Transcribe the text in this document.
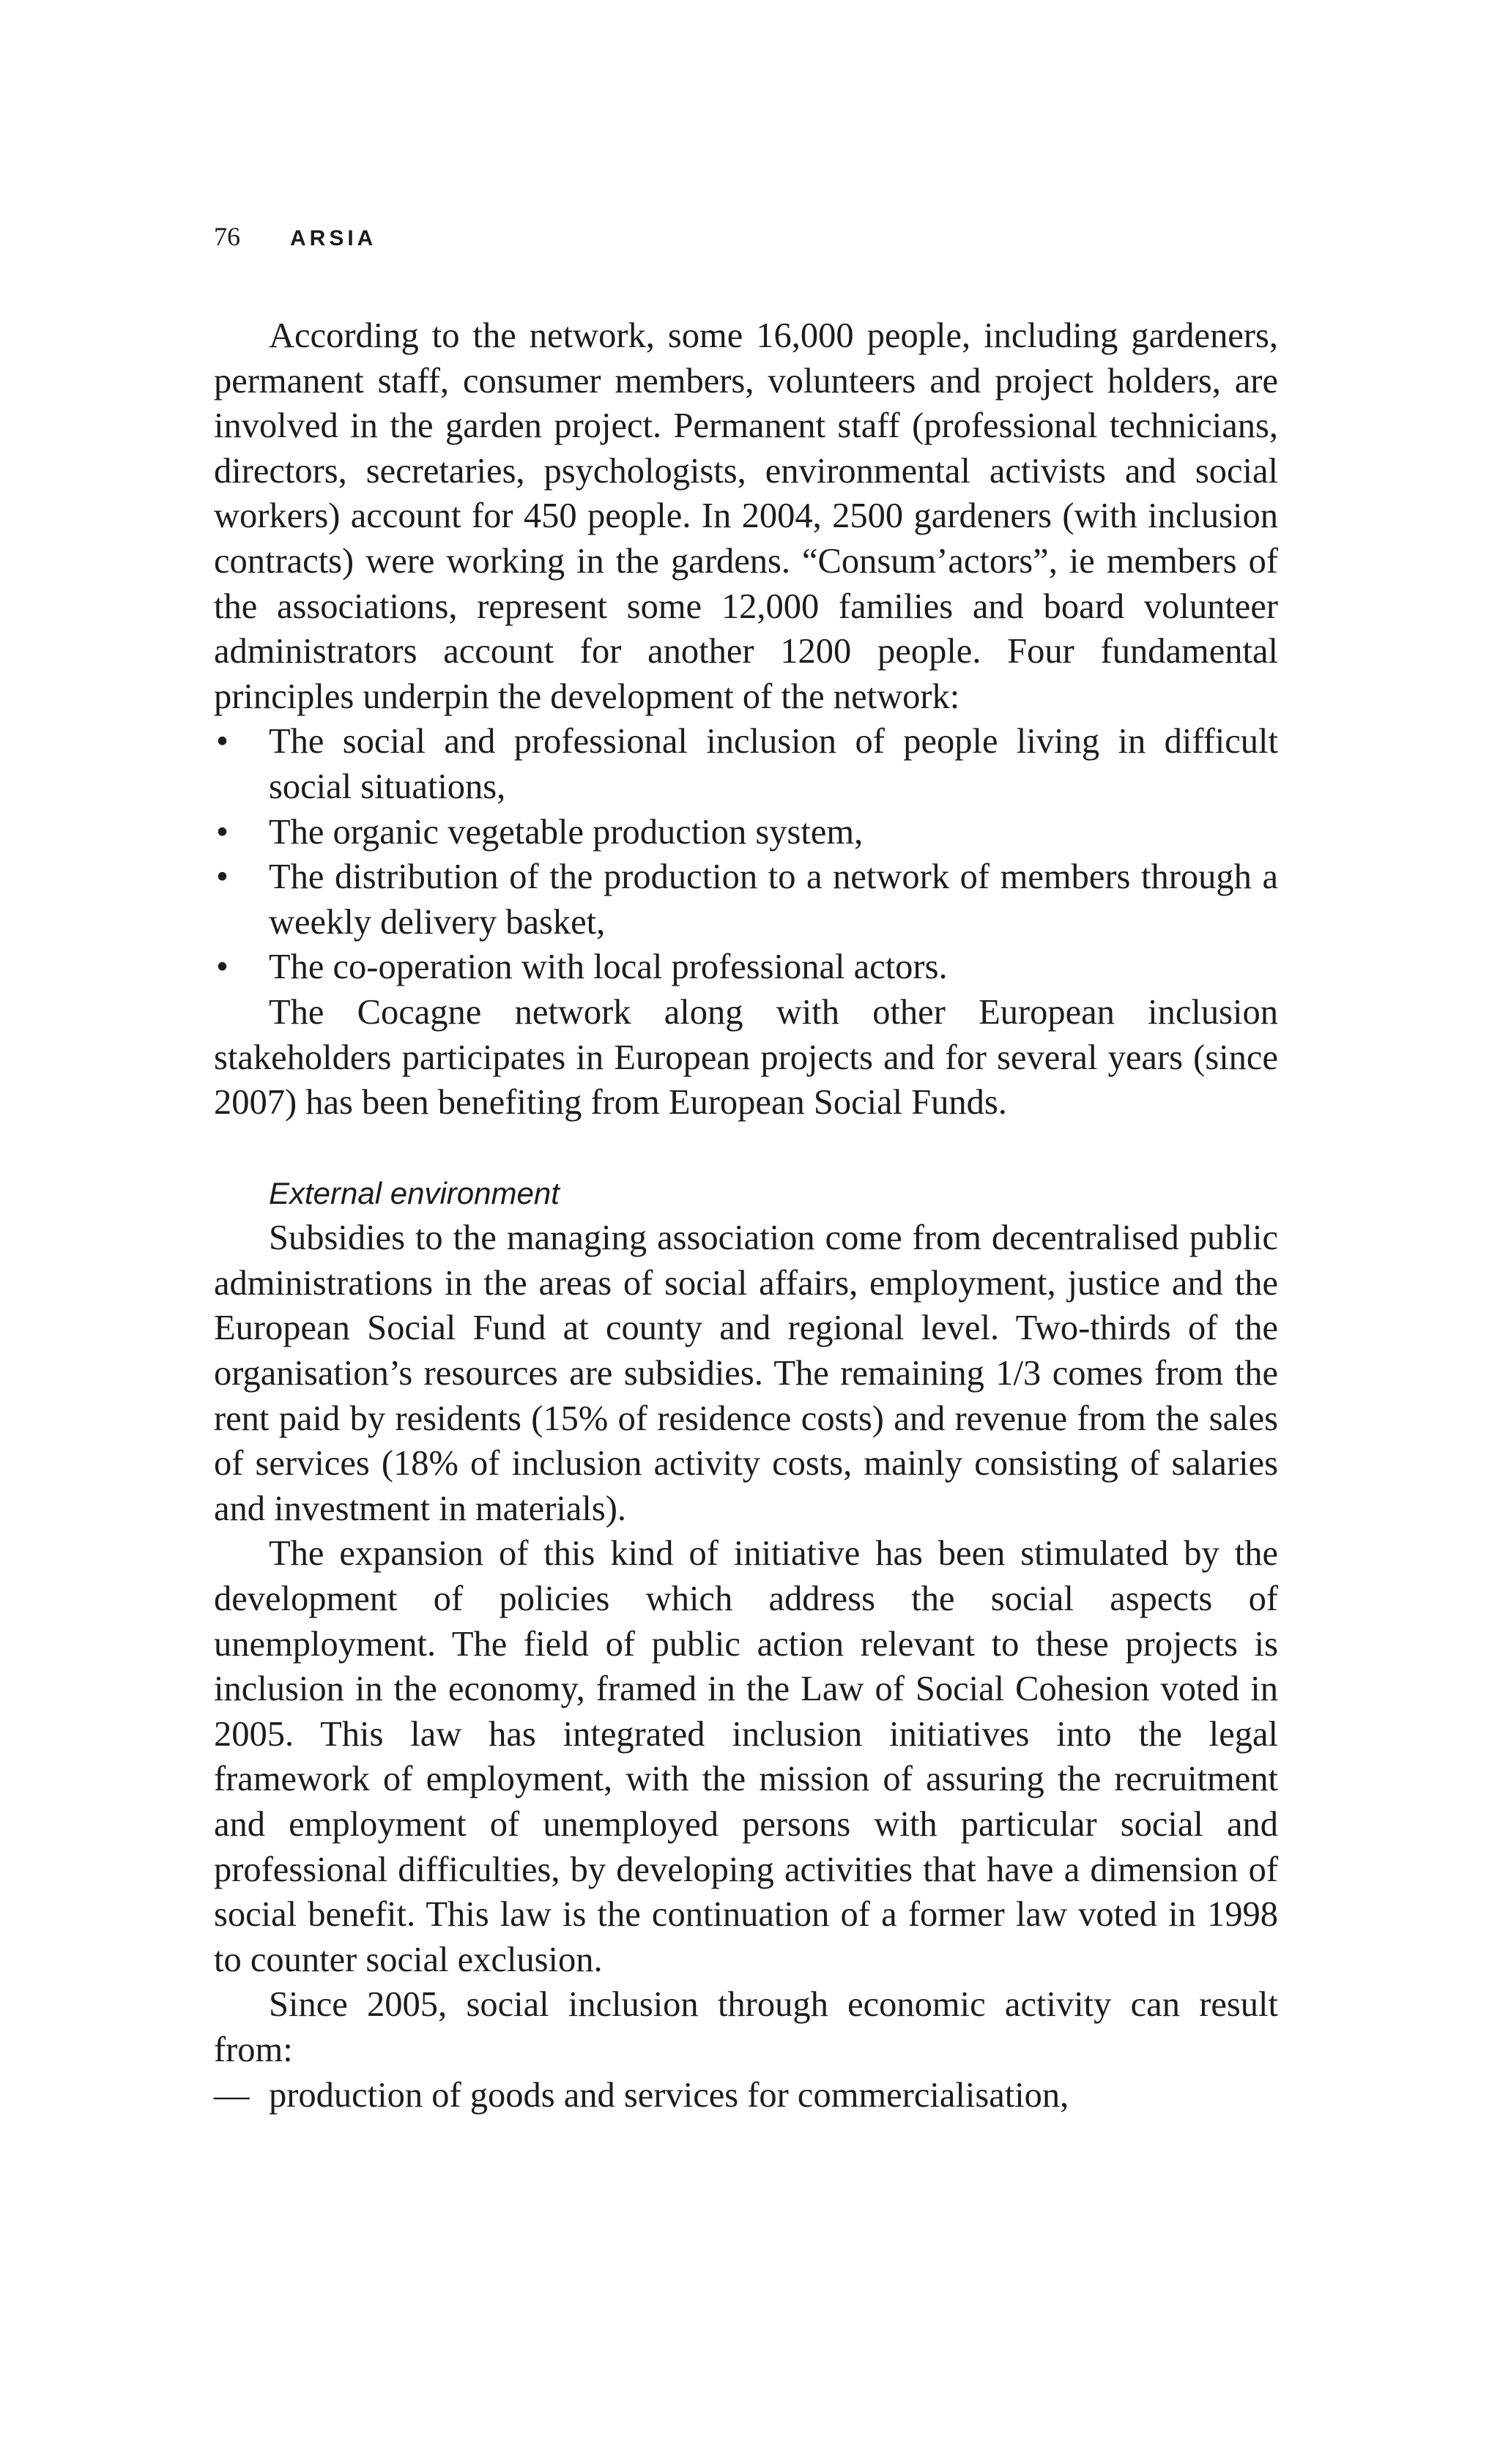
76 ARSIA

According to the network, some 16,000 people, including gardeners, permanent staff, consumer members, volunteers and project holders, are involved in the garden project. Permanent staff (professional technicians, directors, secretaries, psychologists, environmental activists and social workers) account for 450 people. In 2004, 2500 gardeners (with inclusion contracts) were working in the gardens. “Consum’actors”, ie members of the associations, represent some 12,000 families and board volunteer administrators account for another 1200 people. Four fundamental principles underpin the development of the network:

• The social and professional inclusion of people living in difficult social situations,
• The organic vegetable production system,
• The distribution of the production to a network of members through a weekly delivery basket,
• The co-operation with local professional actors.

The Cocagne network along with other European inclusion stakeholders participates in European projects and for several years (since 2007) has been benefiting from European Social Funds.

External environment

Subsidies to the managing association come from decentralised public administrations in the areas of social affairs, employment, justice and the European Social Fund at county and regional level. Two-thirds of the organisation’s resources are subsidies. The remaining 1/3 comes from the rent paid by residents (15% of residence costs) and revenue from the sales of services (18% of inclusion activity costs, mainly consisting of salaries and investment in materials).

The expansion of this kind of initiative has been stimulated by the development of policies which address the social aspects of unemployment. The field of public action relevant to these projects is inclusion in the economy, framed in the Law of Social Cohesion voted in 2005. This law has integrated inclusion initiatives into the legal framework of employment, with the mission of assuring the recruitment and employment of unemployed persons with particular social and professional difficulties, by developing activities that have a dimension of social benefit. This law is the continuation of a former law voted in 1998 to counter social exclusion.

Since 2005, social inclusion through economic activity can result from:

— production of goods and services for commercialisation,
